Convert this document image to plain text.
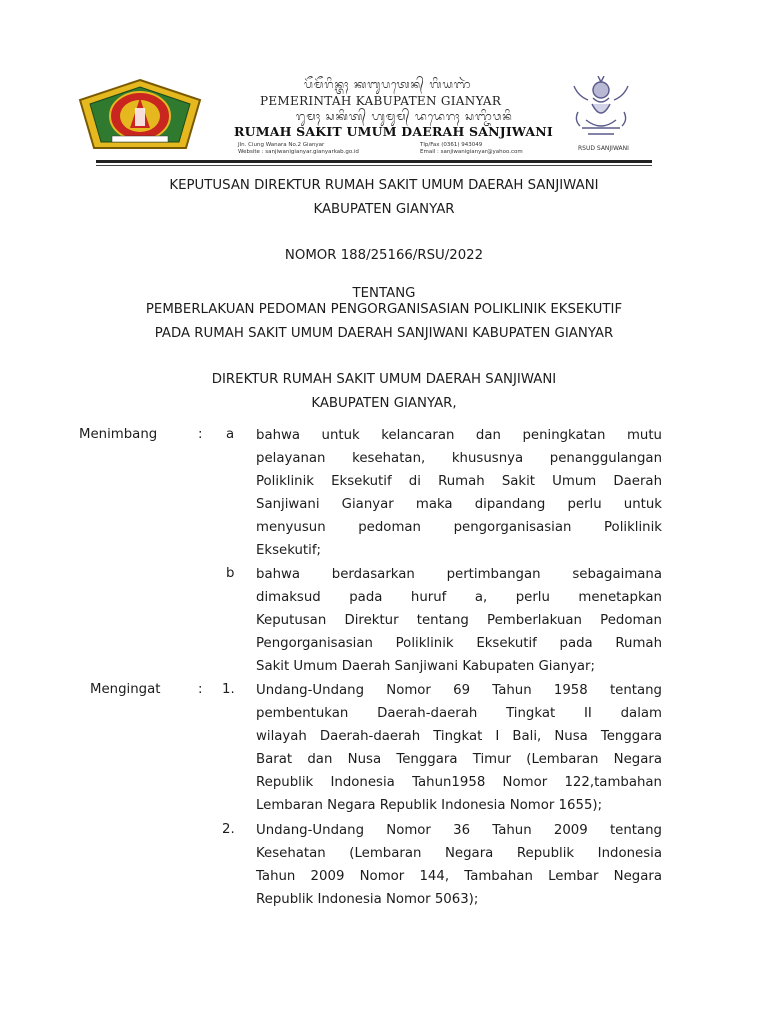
ᬧᭂᬫᭂᬭᬶᬦ᭄ᬢᬄ ᬓᬩᬸᬧᬢᬾᬦ᭄ ᬕᬶᬬᬜᬃ
PEMERINTAH KABUPATEN GIANYAR
ᬭᬸᬫᬄ ᬲᬓᬶᬢ᭄ ᬳᬸᬫᬸᬫ᭄ ᬤᬤᬾᬭᬄ ᬲᬜ᭄ᬚᬶᬯᬦᬶ
RUMAH SAKIT UMUM DAERAH SANJIWANI
Jln. Ciung Wanara No.2 Gianyar
Website : sanjiwanigianyar.gianyarkab.go.id
Tlp/Fax (0361) 943049
Email : sanjiwanigianyar@yahoo.com	RSUD SANJIWANI
KEPUTUSAN DIREKTUR RUMAH SAKIT UMUM DAERAH SANJIWANI
KABUPATEN GIANYAR
NOMOR 188/25166/RSU/2022
TENTANG
PEMBERLAKUAN PEDOMAN PENGORGANISASIAN POLIKLINIK EKSEKUTIF
PADA RUMAH SAKIT UMUM DAERAH SANJIWANI KABUPATEN GIANYAR
DIREKTUR RUMAH SAKIT UMUM DAERAH SANJIWANI
KABUPATEN GIANYAR,
Menimbang	: a bahwa untuk kelancaran dan peningkatan mutu
pelayanan kesehatan, khususnya penanggulangan
Poliklinik Eksekutif di Rumah Sakit Umum Daerah
Sanjiwani Gianyar maka dipandang perlu untuk
menyusun pedoman pengorganisasian Poliklinik
Eksekutif;
b bahwa berdasarkan pertimbangan sebagaimana
dimaksud pada huruf a, perlu menetapkan
Keputusan Direktur tentang Pemberlakuan Pedoman
Pengorganisasian Poliklinik Eksekutif pada Rumah
Sakit Umum Daerah Sanjiwani Kabupaten Gianyar;
Mengingat	: 1. Undang-Undang Nomor 69 Tahun 1958 tentang
pembentukan Daerah-daerah Tingkat II dalam
wilayah Daerah-daerah Tingkat I Bali, Nusa Tenggara
Barat dan Nusa Tenggara Timur (Lembaran Negara
Republik Indonesia Tahun1958 Nomor 122,tambahan
Lembaran Negara Republik Indonesia Nomor 1655);
2. Undang-Undang Nomor 36 Tahun 2009 tentang
Kesehatan (Lembaran Negara Republik Indonesia
Tahun 2009 Nomor 144, Tambahan Lembar Negara
Republik Indonesia Nomor 5063);
